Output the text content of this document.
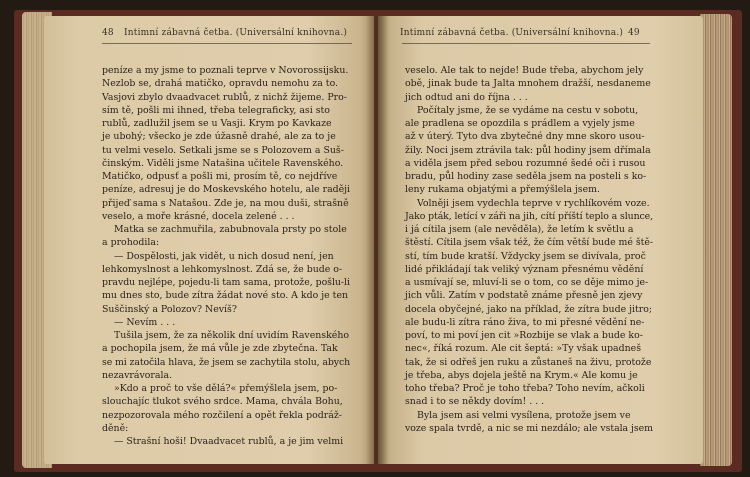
48 Intimní zábavná četba. (Universální knihovna.)	Intimní zábavná četba. (Universální knihovna.) 49
peníze a my jsme to poznali teprve v Novorossijsku.
Nezlob se, drahá matičko, opravdu nemohu za to.
Vasjovi zbylo dvaadvacet rublů, z nichž žijeme. Pro-
sím tě, pošli mi ihned, třeba telegraficky, asi sto
rublů, zadlužil jsem se u Vasji. Krym po Kavkaze
je ubohý; všecko je zde úžasně drahé, ale za to je
tu velmi veselo. Setkali jsme se s Polozovem a Suš-
činským. Viděli jsme Natašina učitele Ravenského.
Matičko, odpusť a pošli mi, prosím tě, co nejdříve
peníze, adresuj je do Moskevského hotelu, ale raději
přijeď sama s Natašou. Zde je, na mou duši, strašně
veselo, a moře krásné, docela zelené . . .
Matka se zachmuřila, zabubnovala prsty po stole
a prohodila:
— Dospělosti, jak vidět, u nich dosud není, jen
lehkomyslnost a lehkomyslnost. Zdá se, že bude o-
pravdu nejlépe, pojedu-li tam sama, protože, pošlu-li
mu dnes sto, bude zítra žádat nové sto. A kdo je ten
Suščinský a Polozov? Nevíš?
— Nevím . . .
Tušila jsem, že za několik dní uvidím Ravenského
a pochopila jsem, že má vůle je zde zbytečna. Tak
se mi zatočila hlava, že jsem se zachytila stolu, abych
nezavrávorala.
»Kdo a proč to vše dělá?« přemýšlela jsem, po-
slouchajíc tlukot svého srdce. Mama, chvála Bohu,
nezpozorovala mého rozčilení a opět řekla podráž-
děně:
— Strašní hoši! Dvaadvacet rublů, a je jim velmi
veselo. Ale tak to nejde! Bude třeba, abychom jely
obě, jinak bude ta Jalta mnohem dražší, nesdaneme
jich odtud ani do října . . .
Počítaly jsme, že se vydáme na cestu v sobotu,
ale pradlena se opozdila s prádlem a vyjely jsme
až v úterý. Tyto dva zbytečné dny mne skoro usou-
žily. Noci jsem ztrávila tak: půl hodiny jsem dřímala
a viděla jsem před sebou rozumné šedé oči i rusou
bradu, půl hodiny zase seděla jsem na posteli s ko-
leny rukama objatými a přemýšlela jsem.
Volněji jsem vydechla teprve v rychlíkovém voze.
Jako pták, letící v záři na jih, cítí příští teplo a slunce,
i já cítila jsem (ale nevěděla), že letím k světlu a
štěstí. Cítila jsem však též, že čím větší bude mé ště-
stí, tím bude kratší. Vždycky jsem se divívala, proč
lidé přikládají tak veliký význam přesnému vědění
a usmívají se, mluví-li se o tom, co se děje mimo je-
jich vůli. Zatím v podstatě známe přesně jen zjevy
docela obyčejné, jako na příklad, že zítra bude jitro;
ale budu-li zítra ráno živa, to mi přesné vědění ne-
poví, to mi poví jen cit »Rozbije se vlak a bude ko-
nec«, říká rozum. Ale cit šeptá: »Ty však upadneš
tak, že si odřeš jen ruku a zůstaneš na živu, protože
je třeba, abys dojela ještě na Krym.« Ale komu je
toho třeba? Proč je toho třeba? Toho nevím, ačkoli
snad i to se někdy dovím! . . .
Byla jsem asi velmi vysílena, protože jsem ve
voze spala tvrdě, a nic se mi nezdálo; ale vstala jsem
